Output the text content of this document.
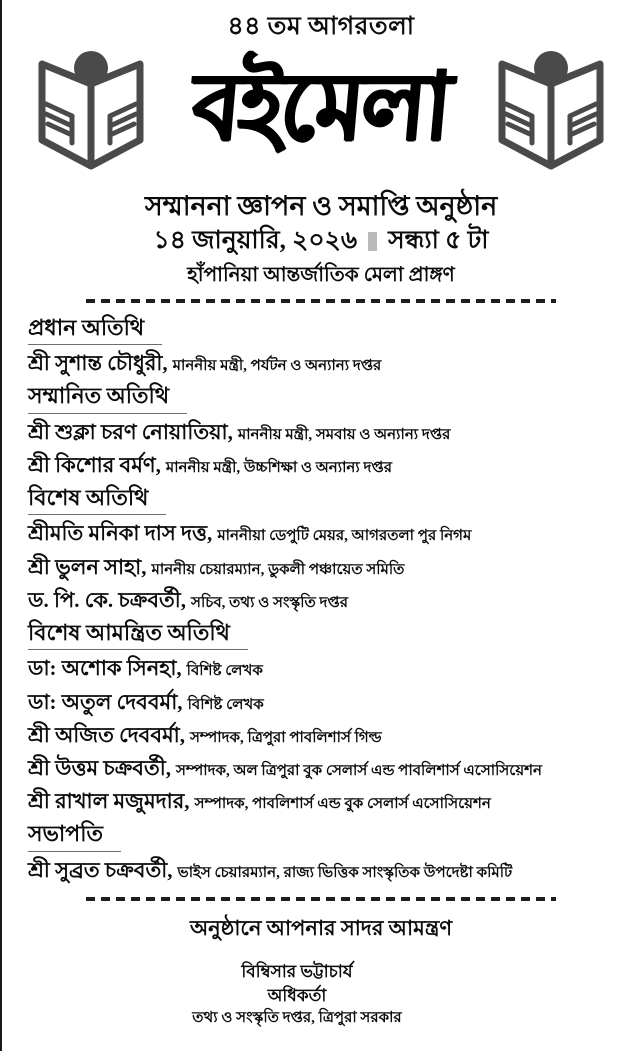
৪৪ তম আগরতলা
বইমেলা
সম্মাননা জ্ঞাপন ও সমাপ্তি অনুষ্ঠান
১৪ জানুয়ারি, ২০২৬ সন্ধ্যা ৫ টা
হাঁপানিয়া আন্তর্জাতিক মেলা প্রাঙ্গণ
প্রধান অতিথি
শ্রী সুশান্ত চৌধুরী, মাননীয় মন্ত্রী, পর্যটন ও অন্যান্য দপ্তর
সম্মানিত অতিথি
শ্রী শুক্লা চরণ নোয়াতিয়া, মাননীয় মন্ত্রী, সমবায় ও অন্যান্য দপ্তর
শ্রী কিশোর বর্মণ, মাননীয় মন্ত্রী, উচ্চশিক্ষা ও অন্যান্য দপ্তর
বিশেষ অতিথি
শ্রীমতি মনিকা দাস দত্ত, মাননীয়া ডেপুটি মেয়র, আগরতলা পুর নিগম
শ্রী ভুলন সাহা, মাননীয় চেয়ারম্যান, ডুকলী পঞ্চায়েত সমিতি
ড. পি. কে. চক্রবর্তী, সচিব, তথ্য ও সংস্কৃতি দপ্তর
বিশেষ আমন্ত্রিত অতিথি
ডা: অশোক সিনহা, বিশিষ্ট লেখক
ডা: অতুল দেববর্মা, বিশিষ্ট লেখক
শ্রী অজিত দেববর্মা, সম্পাদক, ত্রিপুরা পাবলিশার্স গিল্ড
শ্রী উত্তম চক্রবর্তী, সম্পাদক, অল ত্রিপুরা বুক সেলার্স এন্ড পাবলিশার্স এসোসিয়েশন
শ্রী রাখাল মজুমদার, সম্পাদক, পাবলিশার্স এন্ড বুক সেলার্স এসোসিয়েশন
সভাপতি
শ্রী সুব্রত চক্রবর্তী, ভাইস চেয়ারম্যান, রাজ্য ভিত্তিক সাংস্কৃতিক উপদেষ্টা কমিটি
অনুষ্ঠানে আপনার সাদর আমন্ত্রণ
বিম্বিসার ভট্টাচার্য
অধিকর্তা
তথ্য ও সংস্কৃতি দপ্তর, ত্রিপুরা সরকার
